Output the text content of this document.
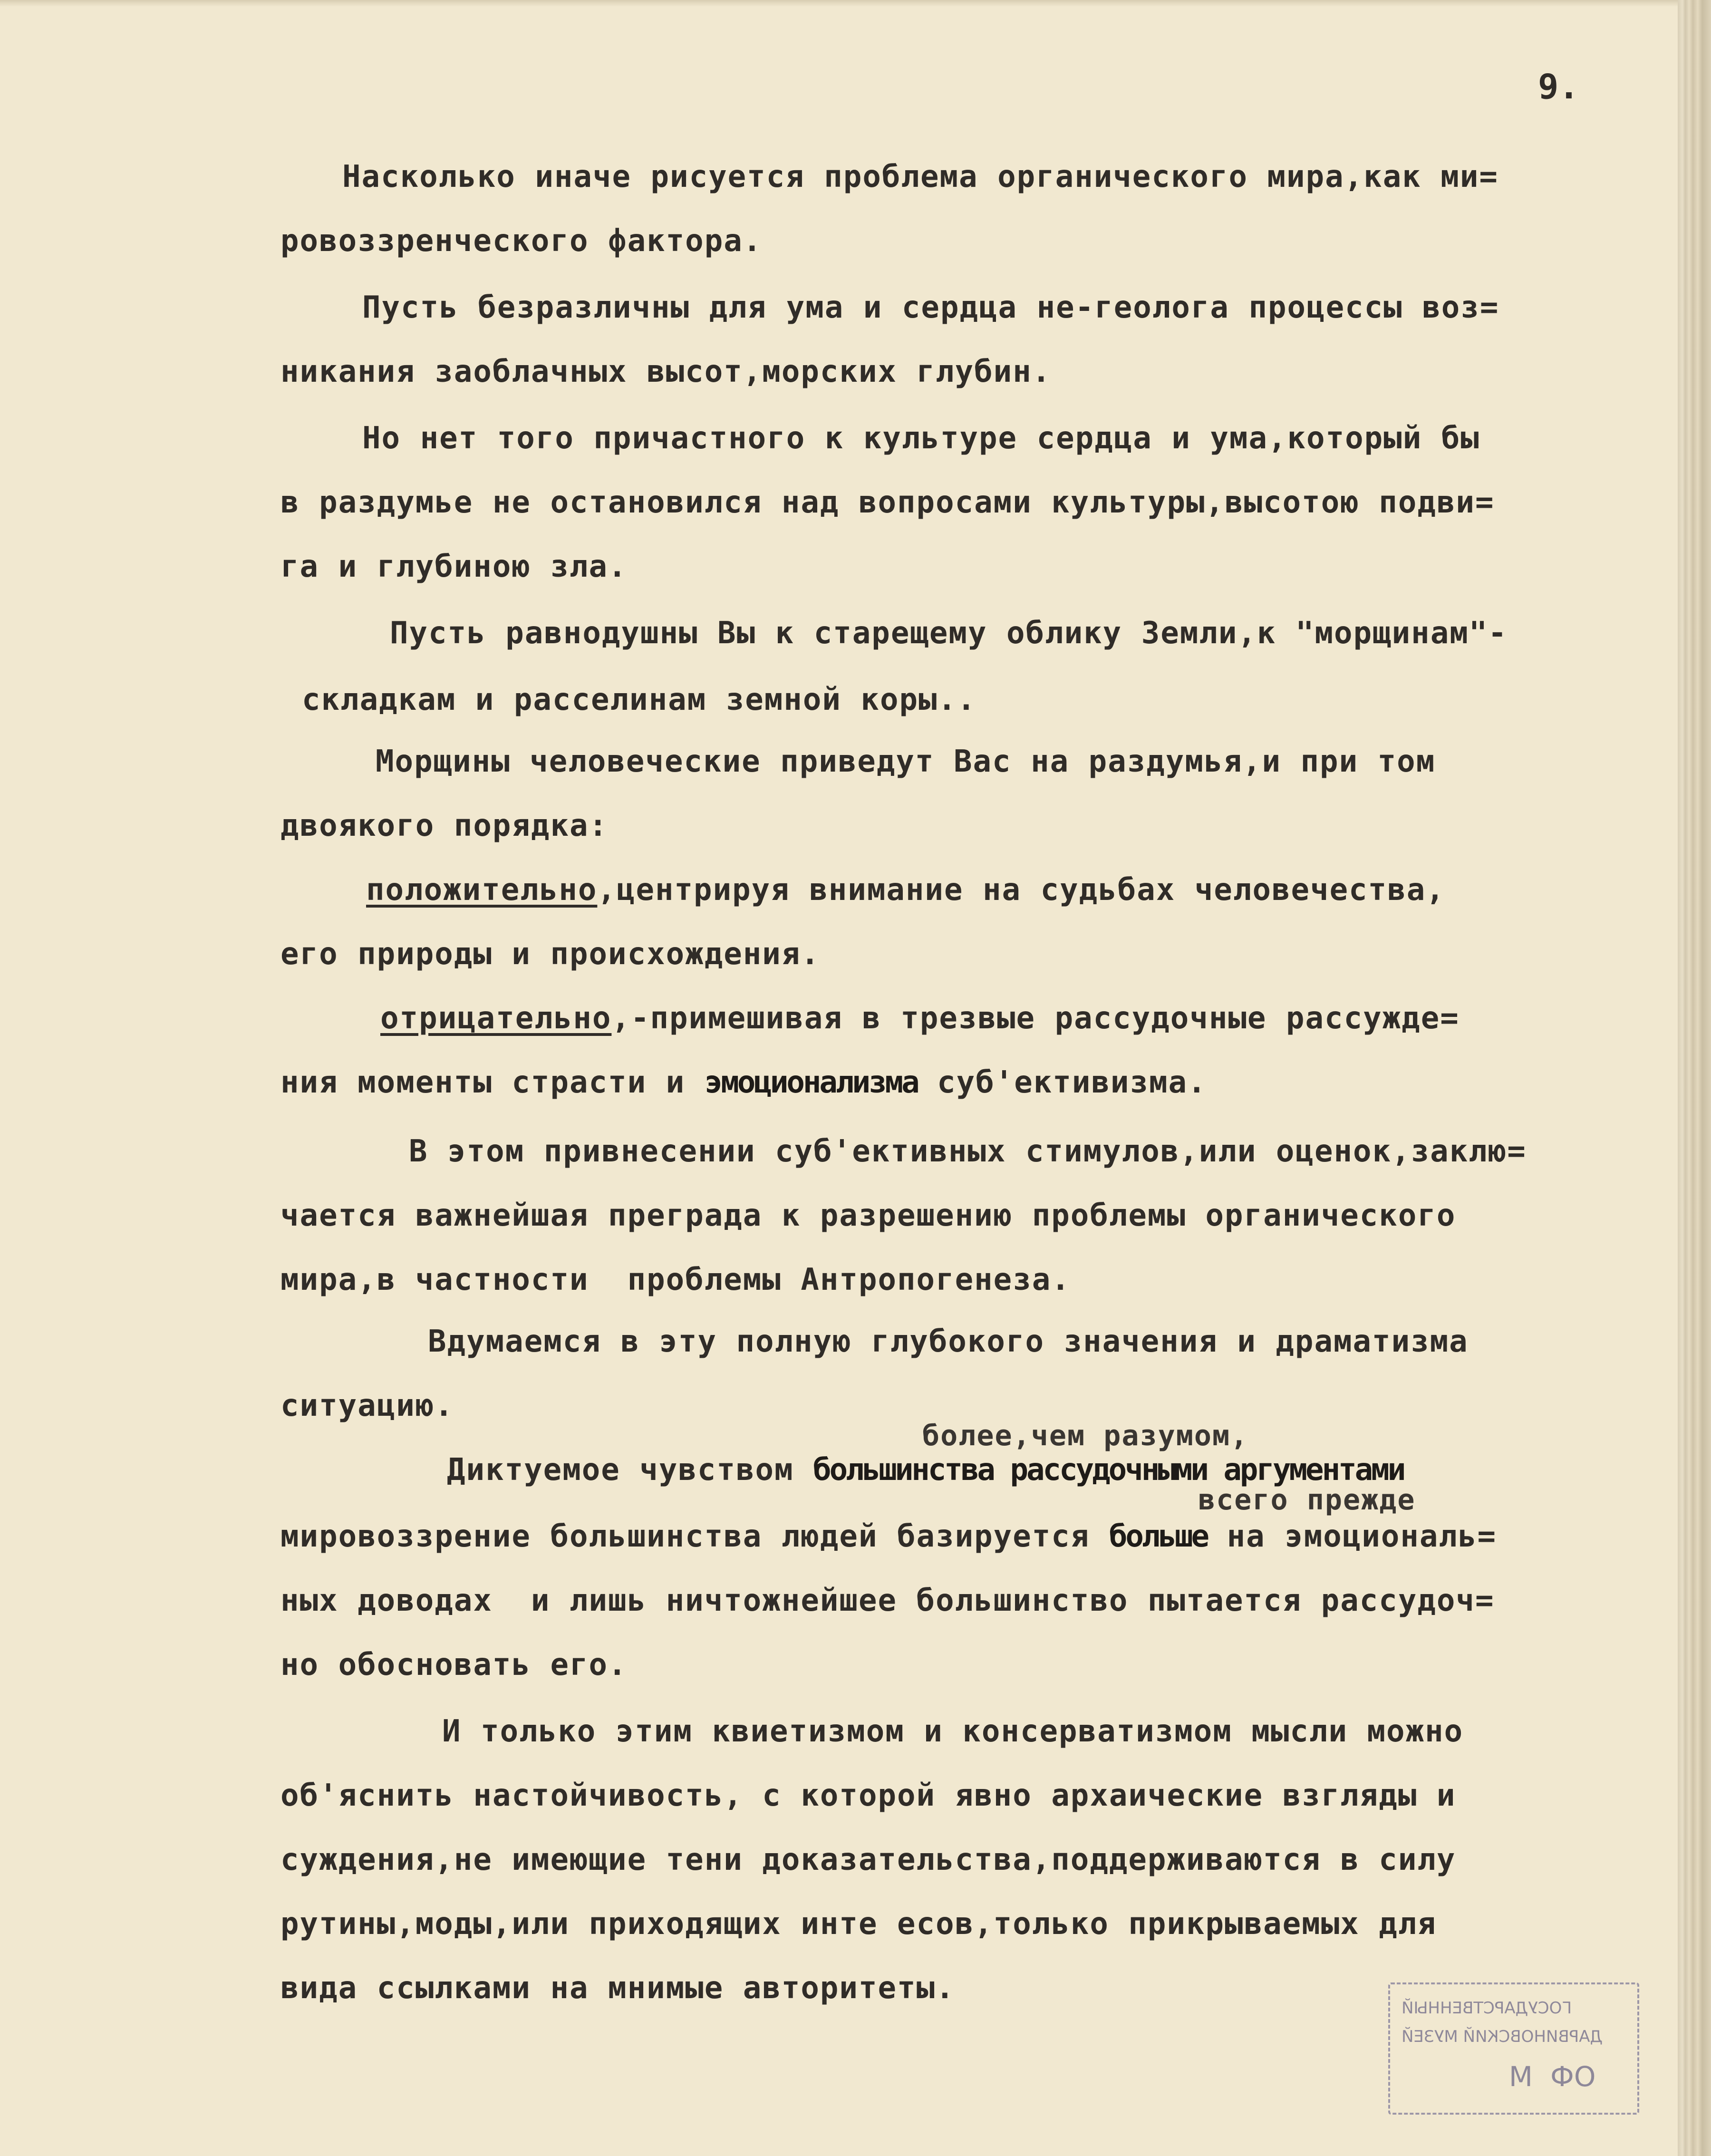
9.
Насколько иначе рисуется проблема органического мира,как ми=
ровоззренческого фактора.
Пусть безразличны для ума и сердца не-геолога процессы воз=
никания заоблачных высот,морских глубин.
Но нет того причастного к культуре сердца и ума,который бы
в раздумье не остановился над вопросами культуры,высотою подви=
га и глубиною зла.
Пусть равнодушны Вы к старещему облику Земли,к "морщинам"-
складкам и расселинам земной коры..
Морщины человеческие приведут Вас на раздумья,и при том
двоякого порядка:
положительно,центрируя внимание на судьбах человечества,
его природы и происхождения.
отрицательно,-примешивая в трезвые рассудочные рассужде=
ния моменты страсти и эмоционализма суб'ективизма.
В этом привнесении суб'ективных стимулов,или оценок,заклю=
чается важнейшая преграда к разрешению проблемы органического
мира,в частности  проблемы Антропогенеза.
Вдумаемся в эту полную глубокого значения и драматизма
ситуацию.
более,чем разумом,
Диктуемое чувством большинства рассудочными аргументами
всего прежде
мировоззрение большинства людей базируется больше на эмоциональ=
ных доводах  и лишь ничтожнейшее большинство пытается рассудоч=
но обосновать его.
И только этим квиетизмом и консерватизмом мысли можно
об'яснить настойчивость, с которой явно архаические взгляды и
суждения,не имеющие тени доказательства,поддерживаются в силу
рутины,моды,или приходящих инте есов,только прикрываемых для
вида ссылками на мнимые авторитеты.
ГОСУДАРСТВЕННЫЙ
ДАРВИНОВСКИЙ МУЗЕЙ
ОФ  М
